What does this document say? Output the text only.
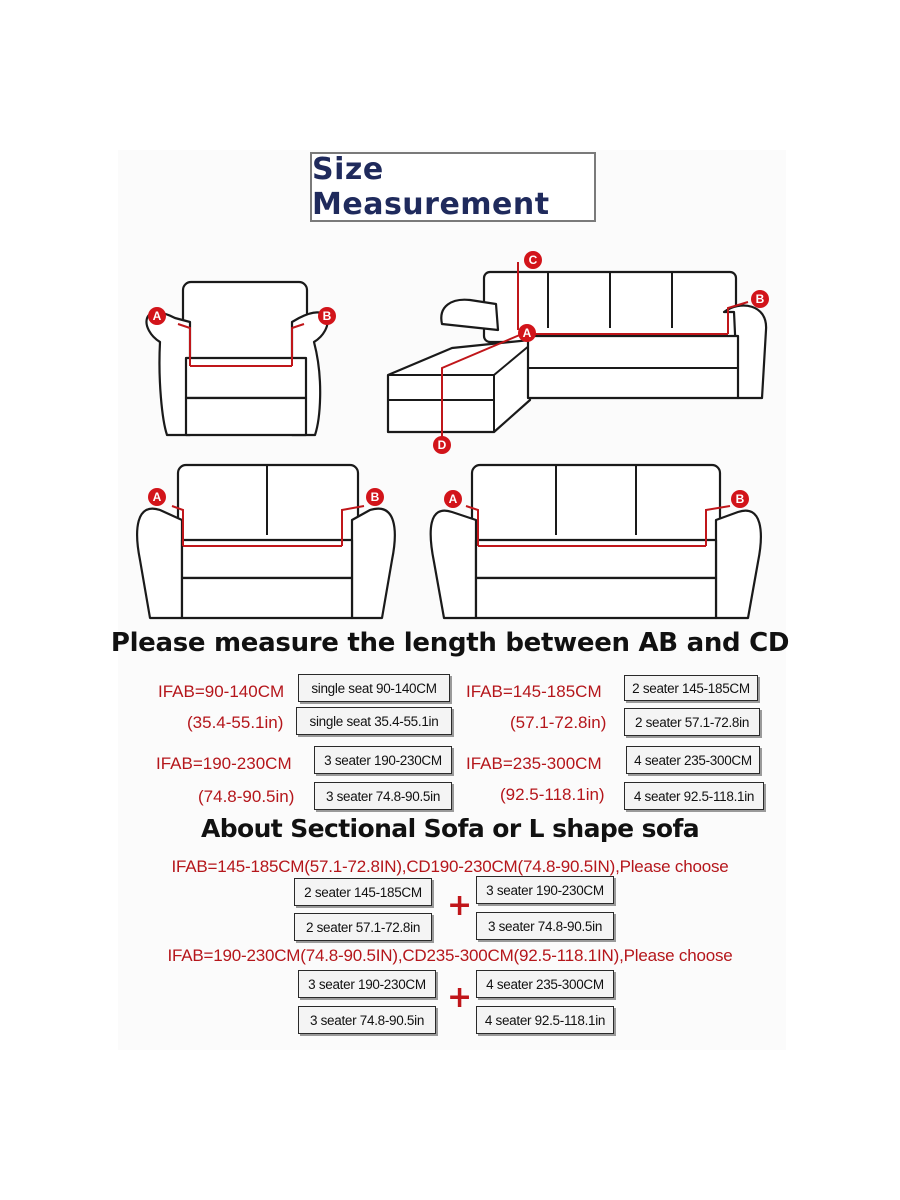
Size Measurement
A	B
C
A
B
D
A	B	A	B
Please measure the length between AB and CD
IFAB=90-140CM	single seat 90-140CM	IFAB=145-185CM	2 seater 145-185CM
(35.4-55.1in)	single seat 35.4-55.1in	(57.1-72.8in)	2 seater 57.1-72.8in
IFAB=190-230CM	3 seater 190-230CM	IFAB=235-300CM	4 seater 235-300CM
(74.8-90.5in)	3 seater 74.8-90.5in	(92.5-118.1in)	4 seater 92.5-118.1in
About Sectional Sofa or L shape sofa
IFAB=145-185CM(57.1-72.8IN),CD190-230CM(74.8-90.5IN),Please choose
2 seater 145-185CM	3 seater 190-230CM
+
2 seater 57.1-72.8in	3 seater 74.8-90.5in
IFAB=190-230CM(74.8-90.5IN),CD235-300CM(92.5-118.1IN),Please choose
3 seater 190-230CM	4 seater 235-300CM
+
3 seater 74.8-90.5in	4 seater 92.5-118.1in
